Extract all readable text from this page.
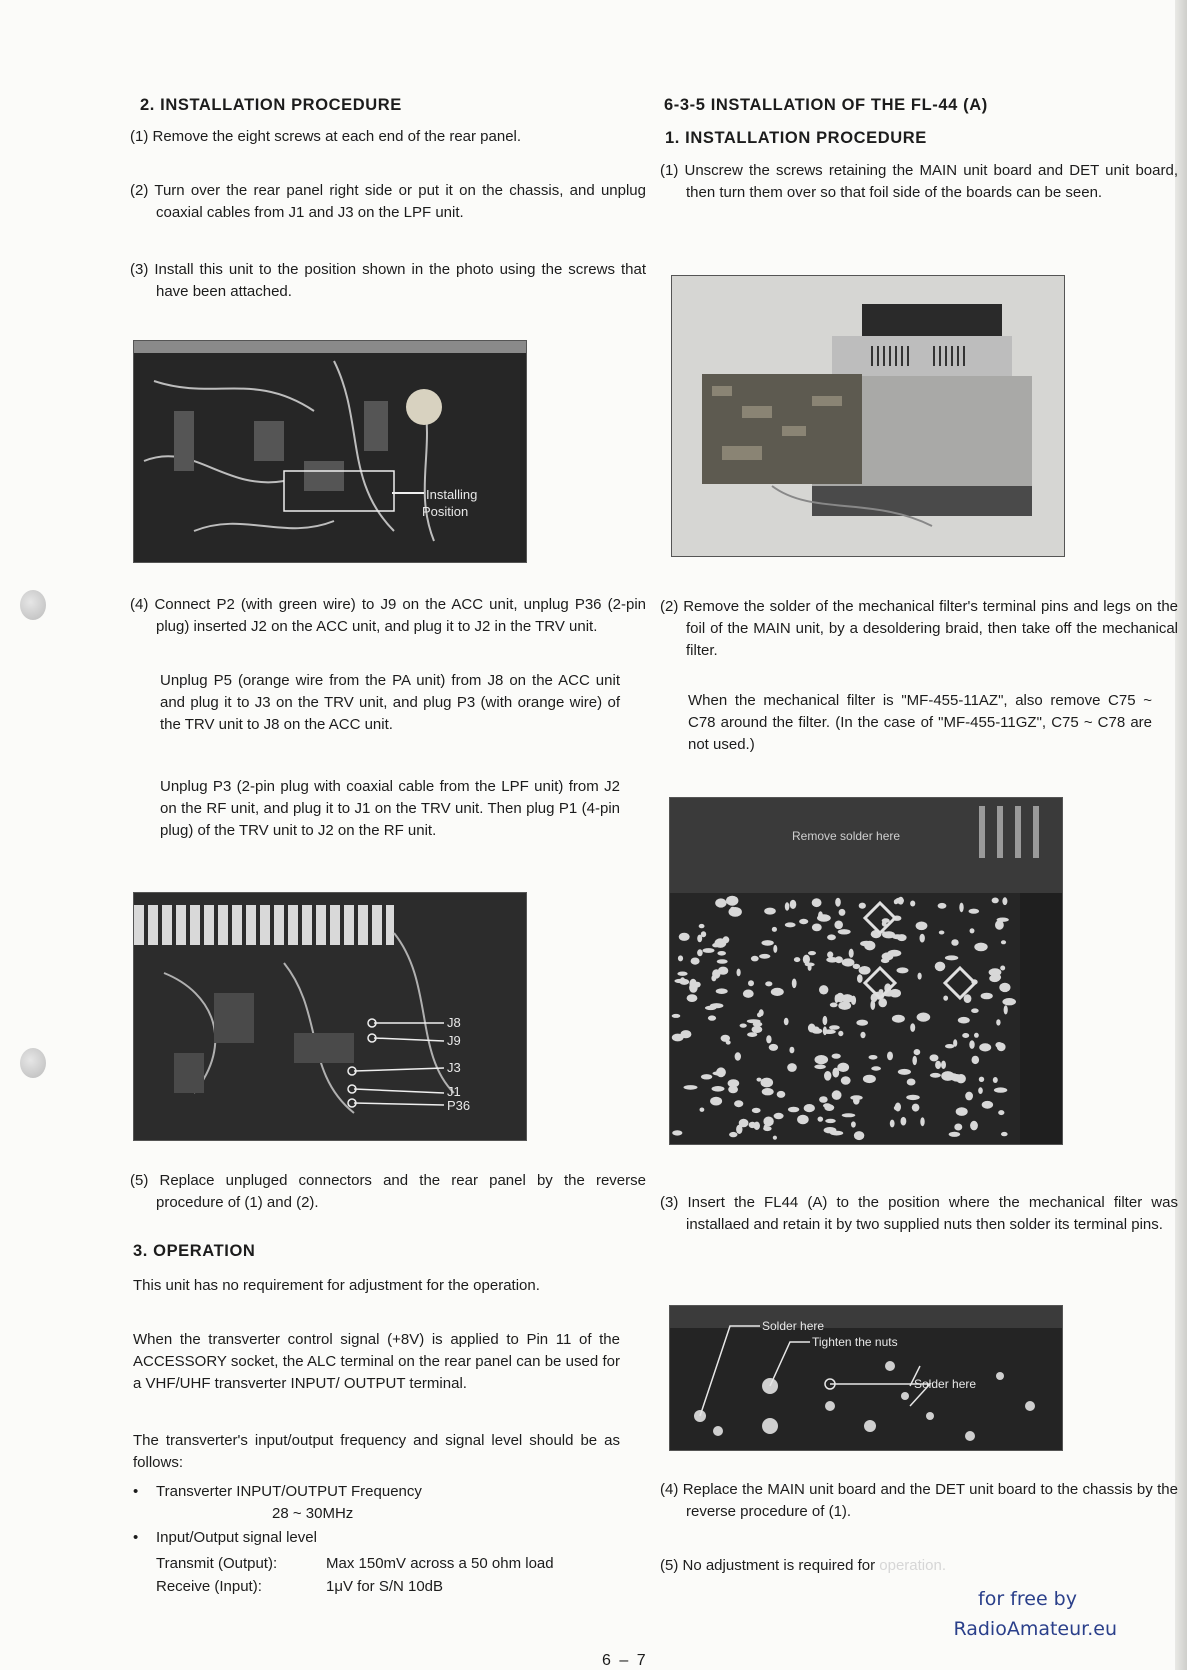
2. INSTALLATION PROCEDURE

(1) Remove the eight screws at each end of the rear panel.

(2) Turn over the rear panel right side or put it on the chassis, and unplug coaxial cables from J1 and J3 on the LPF unit.

(3) Install this unit to the position shown in the photo using the screws that have been attached.

Installing
Position

(4) Connect P2 (with green wire) to J9 on the ACC unit, unplug P36 (2-pin plug) inserted J2 on the ACC unit, and plug it to J2 in the TRV unit.

Unplug P5 (orange wire from the PA unit) from J8 on the ACC unit and plug it to J3 on the TRV unit, and plug P3 (with orange wire) of the TRV unit to J8 on the ACC unit.

Unplug P3 (2-pin plug with coaxial cable from the LPF unit) from J2 on the RF unit, and plug it to J1 on the TRV unit. Then plug P1 (4-pin plug) of the TRV unit to J2 on the RF unit.

J8
J9
J3
J1
P36

(5) Replace unpluged connectors and the rear panel by the reverse procedure of (1) and (2).

3. OPERATION

This unit has no requirement for adjustment for the operation.

When the transverter control signal (+8V) is applied to Pin 11 of the ACCESSORY socket, the ALC terminal on the rear panel can be used for a VHF/UHF transverter INPUT/ OUTPUT terminal.

The transverter's input/output frequency and signal level should be as follows:

• Transverter INPUT/OUTPUT Frequency
28 ~ 30MHz
• Input/Output signal level
Transmit (Output):	Max 150mV across a 50 ohm load
Receive (Input):	1μV for S/N 10dB
6-3-5 INSTALLATION OF THE FL-44 (A)
1. INSTALLATION PROCEDURE

(1) Unscrew the screws retaining the MAIN unit board and DET unit board, then turn them over so that foil side of the boards can be seen.

(2) Remove the solder of the mechanical filter's terminal pins and legs on the foil of the MAIN unit, by a desoldering braid, then take off the mechanical filter.

When the mechanical filter is "MF-455-11AZ", also remove C75 ~ C78 around the filter. (In the case of "MF-455-11GZ", C75 ~ C78 are not used.)

Remove solder here

(3) Insert the FL44 (A) to the position where the mechanical filter was installaed and retain it by two supplied nuts then solder its terminal pins.

Solder here
Tighten the nuts
Solder here

(4) Replace the MAIN unit board and the DET unit board to the chassis by the reverse procedure of (1).

(5) No adjustment is required for operation.

6 – 7
for free by
RadioAmateur.eu
